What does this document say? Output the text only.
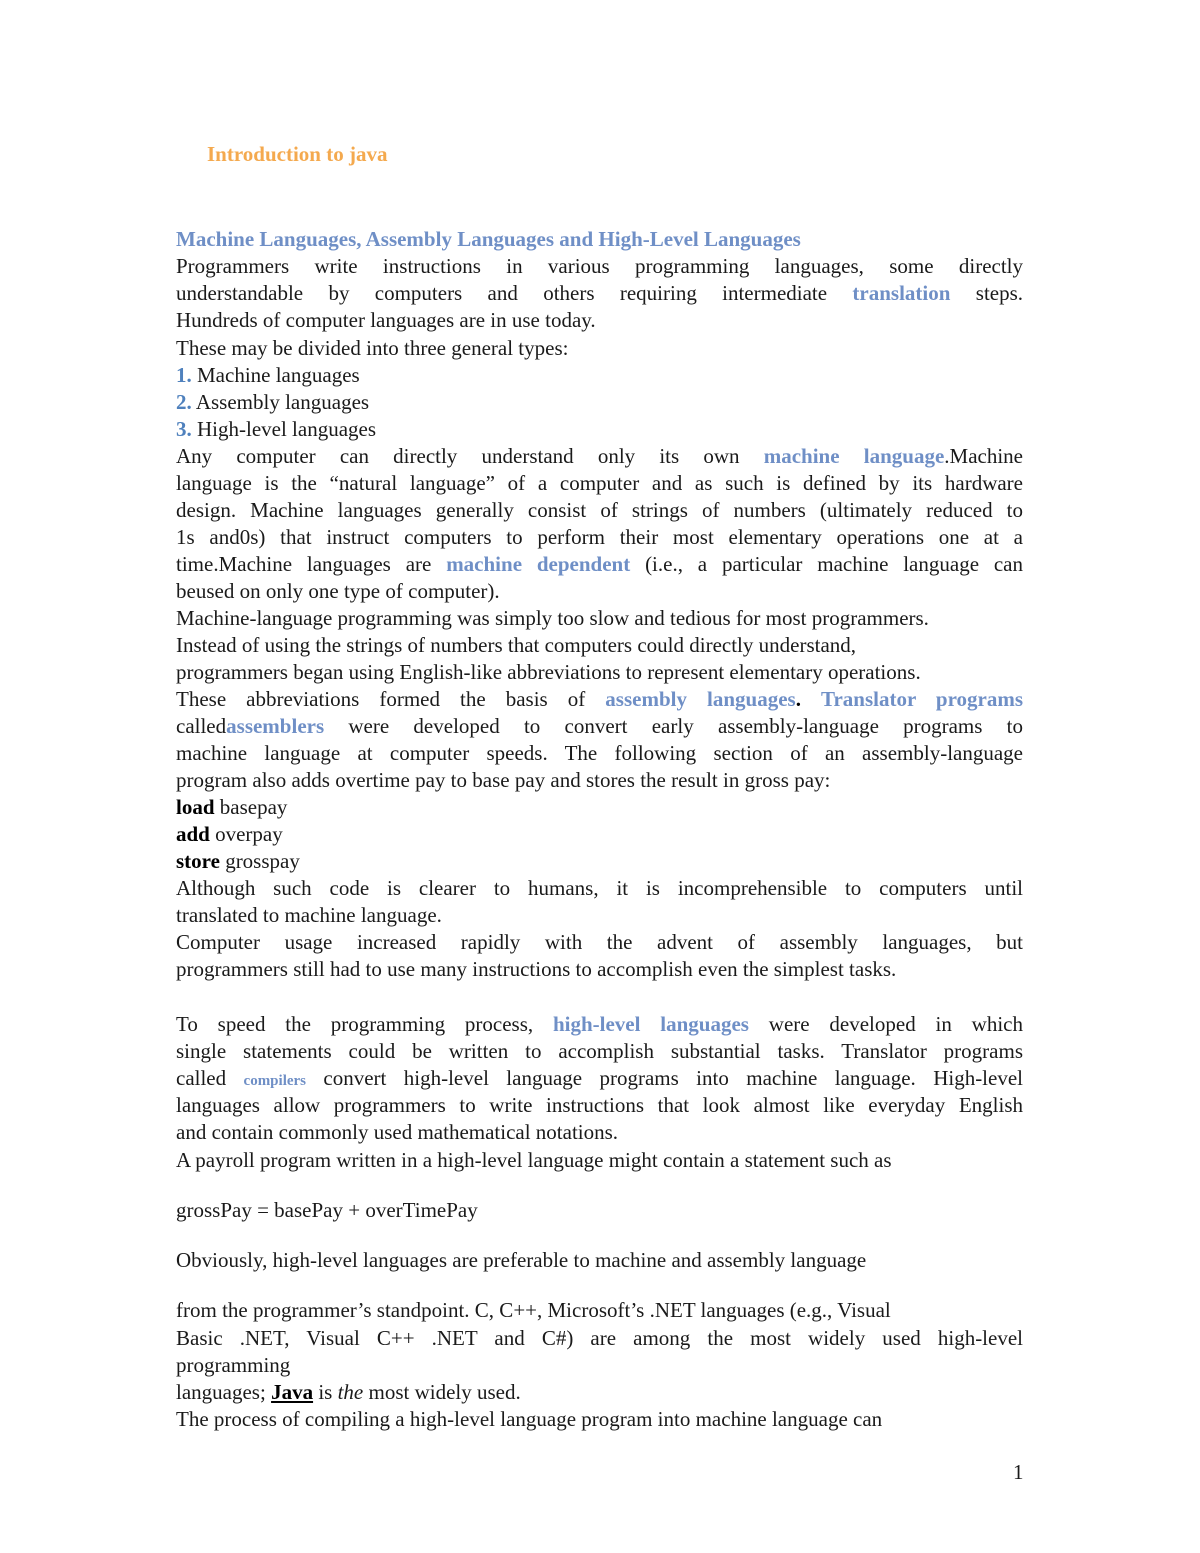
Introduction to java
Machine Languages, Assembly Languages and High-Level Languages
Programmers write instructions in various programming languages, some directly
understandable by computers and others requiring intermediate translation steps.
Hundreds of computer languages are in use today.
These may be divided into three general types:
1. Machine languages
2. Assembly languages
3. High-level languages
Any computer can directly understand only its own machine language.Machine
language is the “natural language” of a computer and as such is defined by its hardware
design. Machine languages generally consist of strings of numbers (ultimately reduced to
1s and0s) that instruct computers to perform their most elementary operations one at a
time.Machine languages are machine dependent (i.e., a particular machine language can
beused on only one type of computer).
Machine-language programming was simply too slow and tedious for most programmers.
Instead of using the strings of numbers that computers could directly understand,
programmers began using English-like abbreviations to represent elementary operations.
These abbreviations formed the basis of assembly languages. Translator programs
calledassemblers were developed to convert early assembly-language programs to
machine language at computer speeds. The following section of an assembly-language
program also adds overtime pay to base pay and stores the result in gross pay:
load basepay
add overpay
store grosspay
Although such code is clearer to humans, it is incomprehensible to computers until
translated to machine language.
Computer usage increased rapidly with the advent of assembly languages, but
programmers still had to use many instructions to accomplish even the simplest tasks.
To speed the programming process, high-level languages were developed in which
single statements could be written to accomplish substantial tasks. Translator programs
called compilers convert high-level language programs into machine language. High-level
languages allow programmers to write instructions that look almost like everyday English
and contain commonly used mathematical notations.
A payroll program written in a high-level language might contain a statement such as
grossPay = basePay + overTimePay
Obviously, high-level languages are preferable to machine and assembly language
from the programmer’s standpoint. C, C++, Microsoft’s .NET languages (e.g., Visual
Basic .NET, Visual C++ .NET and C#) are among the most widely used high-level
programming
languages; Java is the most widely used.
The process of compiling a high-level language program into machine language can
1
